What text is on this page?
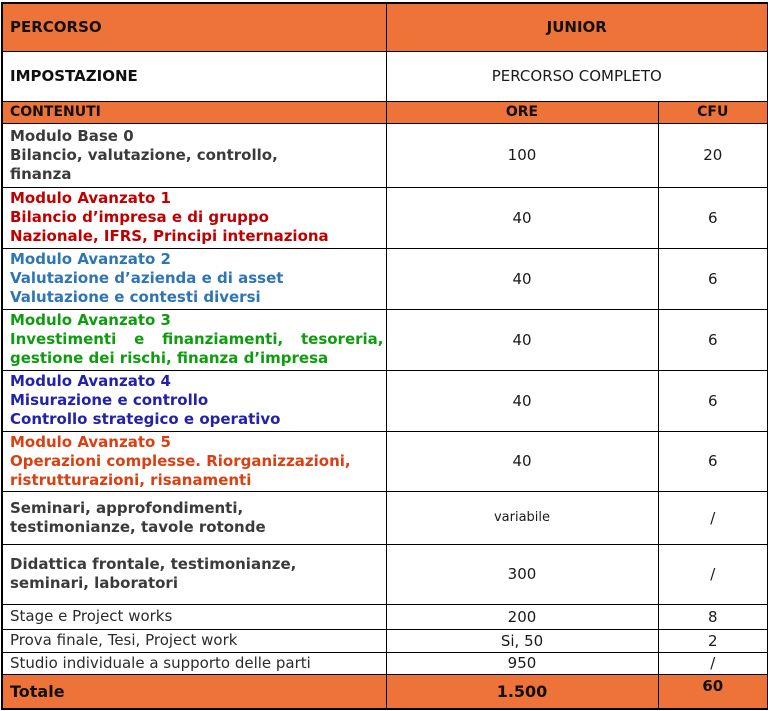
PERCORSO	JUNIOR	
IMPOSTAZIONE	PERCORSO COMPLETO	
CONTENUTI	ORE	CFU

Modulo Base 0
Bilancio, valutazione, controllo,
finanza	100	20

Modulo Avanzato 1
Bilancio d’impresa e di gruppo
Nazionale, IFRS, Principi internaziona	40	6

Modulo Avanzato 2
Valutazione d’azienda e di asset
Valutazione e contesti diversi	40	6

Modulo Avanzato 3
Investimenti e finanziamenti, tesoreria,
gestione dei rischi, finanza d’impresa	40	6

Modulo Avanzato 4
Misurazione e controllo
Controllo strategico e operativo	40	6

Modulo Avanzato 5
Operazioni complesse. Riorganizzazioni,
ristrutturazioni, risanamenti	40	6

Seminari, approfondimenti,
testimonianze, tavole rotonde	variabile	/

Didattica frontale, testimonianze,
seminari, laboratori	300	/

Stage e Project works	200	8

Prova finale, Tesi, Project work	Si, 50	2

Studio individuale a supporto delle parti	950	/

Totale	1.500	60
